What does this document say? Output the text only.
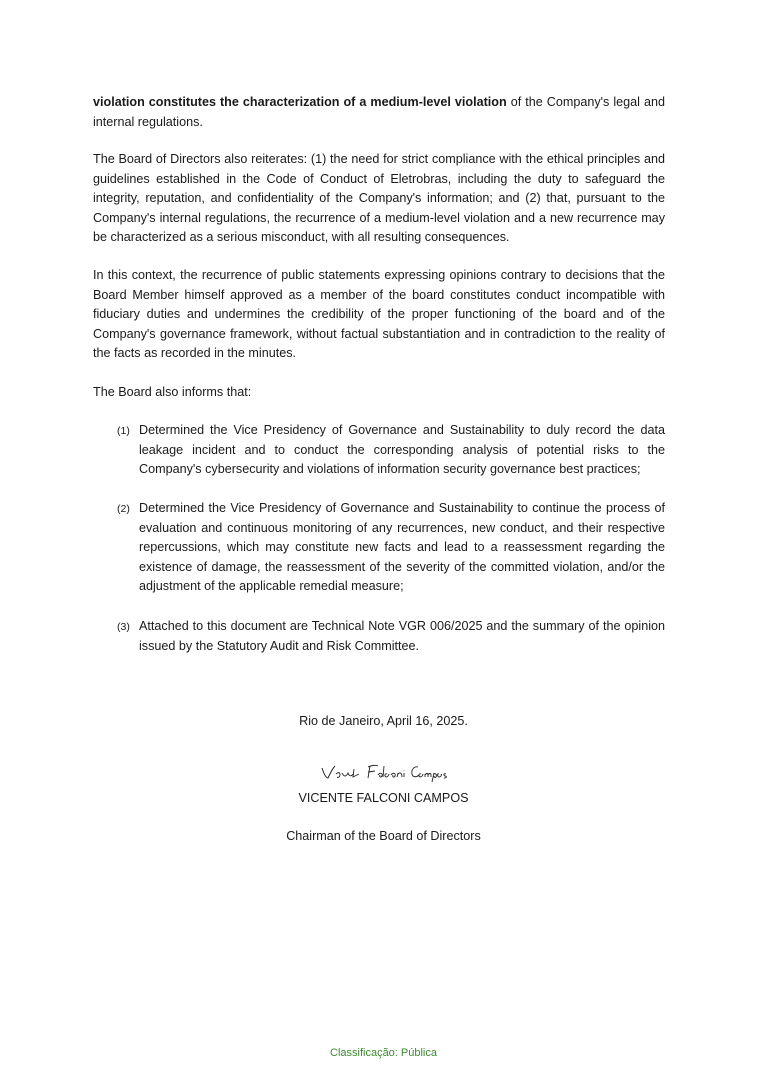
violation constitutes the characterization of a medium-level violation of the Company's legal and internal regulations.

The Board of Directors also reiterates: (1) the need for strict compliance with the ethical principles and guidelines established in the Code of Conduct of Eletrobras, including the duty to safeguard the integrity, reputation, and confidentiality of the Company's information; and (2) that, pursuant to the Company's internal regulations, the recurrence of a medium-level violation and a new recurrence may be characterized as a serious misconduct, with all resulting consequences.

In this context, the recurrence of public statements expressing opinions contrary to decisions that the Board Member himself approved as a member of the board constitutes conduct incompatible with fiduciary duties and undermines the credibility of the proper functioning of the board and of the Company's governance framework, without factual substantiation and in contradiction to the reality of the facts as recorded in the minutes.

The Board also informs that:

(1) Determined the Vice Presidency of Governance and Sustainability to duly record the data leakage incident and to conduct the corresponding analysis of potential risks to the Company's cybersecurity and violations of information security governance best practices;

(2) Determined the Vice Presidency of Governance and Sustainability to continue the process of evaluation and continuous monitoring of any recurrences, new conduct, and their respective repercussions, which may constitute new facts and lead to a reassessment regarding the existence of damage, the reassessment of the severity of the committed violation, and/or the adjustment of the applicable remedial measure;

(3) Attached to this document are Technical Note VGR 006/2025 and the summary of the opinion issued by the Statutory Audit and Risk Committee.

Rio de Janeiro, April 16, 2025.

VICENTE FALCONI CAMPOS

Chairman of the Board of Directors

Classificação: Pública
